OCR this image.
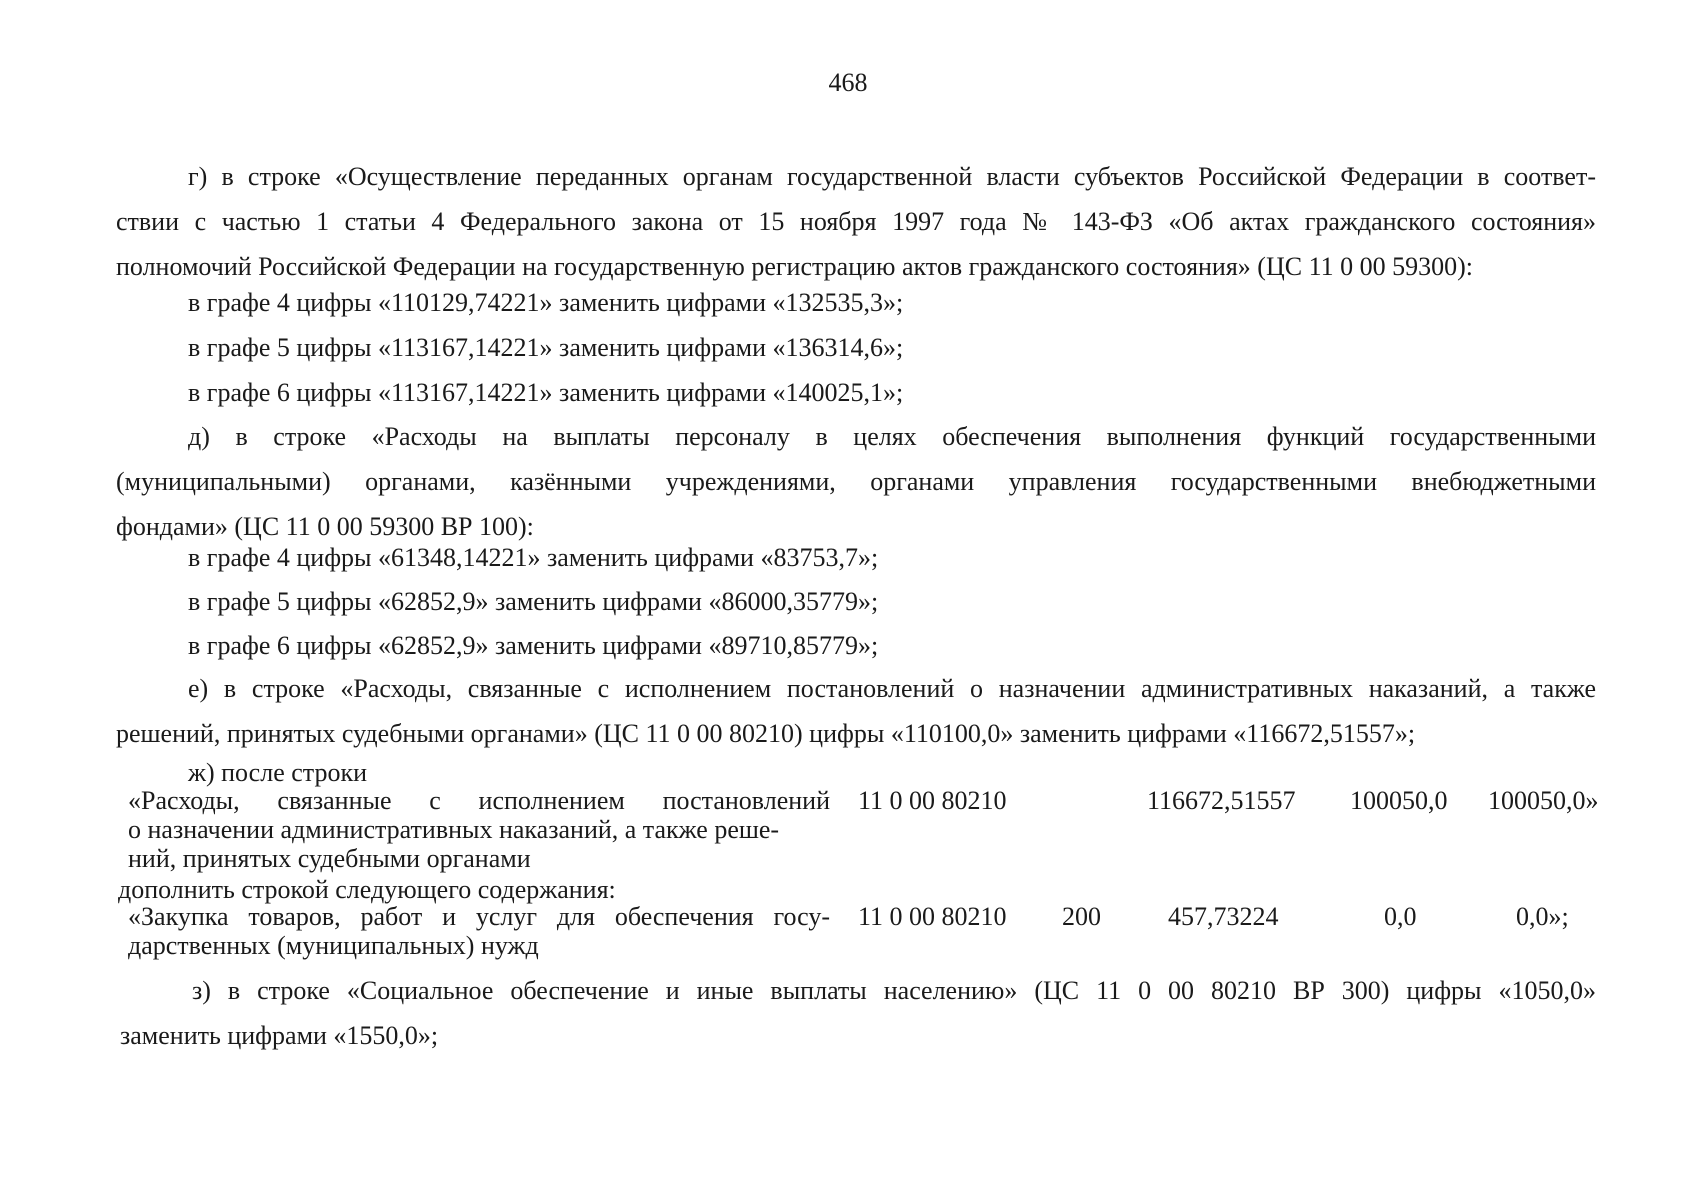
468
г) в строке «Осуществление переданных органам государственной власти субъектов Российской Федерации в соответ-
ствии с частью 1 статьи 4 Федерального закона от 15 ноября 1997 года № 143-ФЗ «Об актах гражданского состояния»
полномочий Российской Федерации на государственную регистрацию актов гражданского состояния» (ЦС 11 0 00 59300):
в графе 4 цифры «110129,74221» заменить цифрами «132535,3»;
в графе 5 цифры «113167,14221» заменить цифрами «136314,6»;
в графе 6 цифры «113167,14221» заменить цифрами «140025,1»;
д) в строке «Расходы на выплаты персоналу в целях обеспечения выполнения функций государственными
(муниципальными) органами, казёнными учреждениями, органами управления государственными внебюджетными
фондами» (ЦС 11 0 00 59300 ВР 100):
в графе 4 цифры «61348,14221» заменить цифрами «83753,7»;
в графе 5 цифры «62852,9» заменить цифрами «86000,35779»;
в графе 6 цифры «62852,9» заменить цифрами «89710,85779»;
е) в строке «Расходы, связанные с исполнением постановлений о назначении административных наказаний, а также
решений, принятых судебными органами» (ЦС 11 0 00 80210) цифры «110100,0» заменить цифрами «116672,51557»;
ж) после строки
«Расходы, связанные с исполнением постановлений
о назначении административных наказаний, а также реше-
ний, принятых судебными органами
11 0 00 80210	116672,51557 100050,0 100050,0»
дополнить строкой следующего содержания:
«Закупка товаров, работ и услуг для обеспечения госу-
дарственных (муниципальных) нужд
11 0 00 80210 200	457,73224	0,0	0,0»;
з) в строке «Социальное обеспечение и иные выплаты населению» (ЦС 11 0 00 80210 ВР 300) цифры «1050,0»
заменить цифрами «1550,0»;
